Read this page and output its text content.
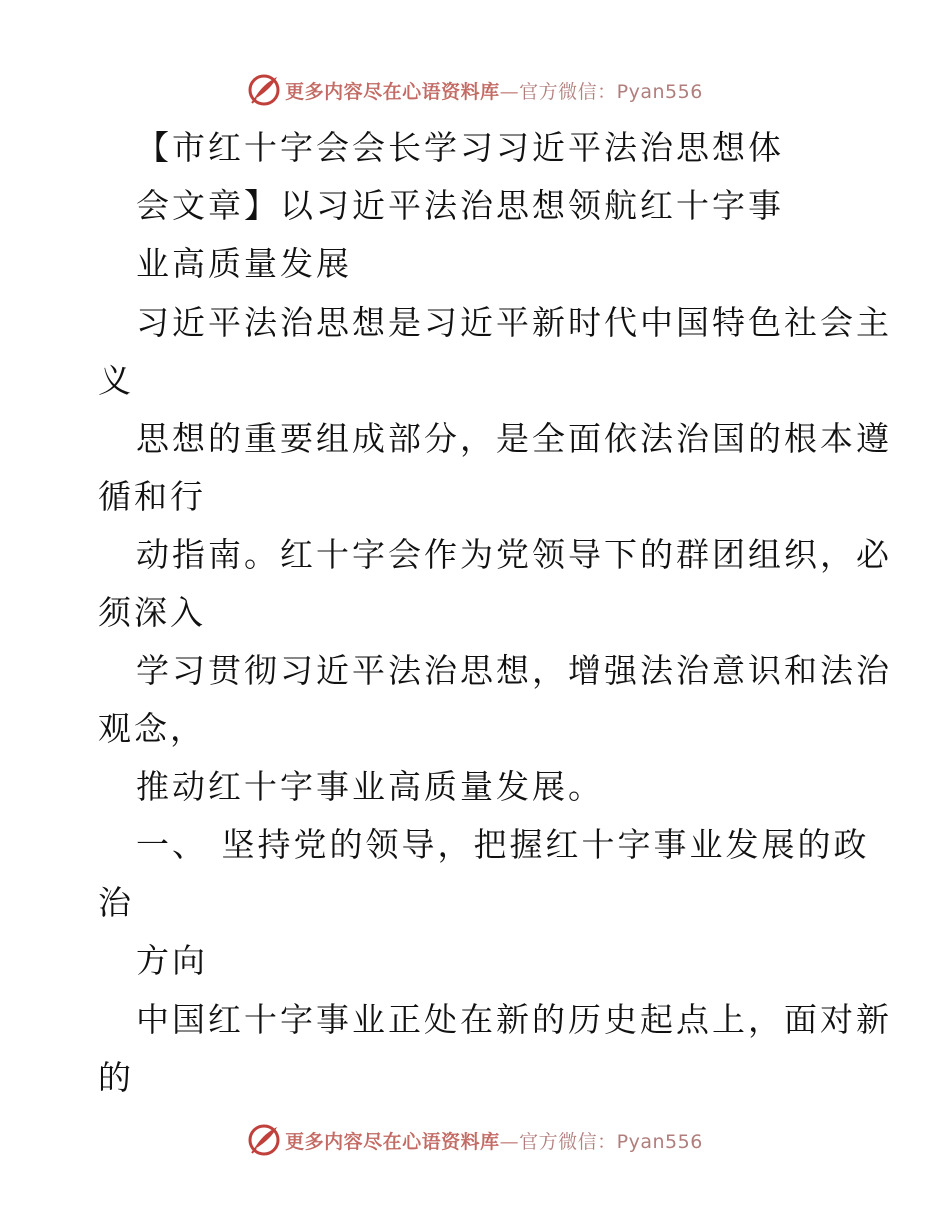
更多内容尽在心语资料库—官方微信：Pyan556
【市红十字会会长学习习近平法治思想体
会文章】以习近平法治思想领航红十字事
业高质量发展
习近平法治思想是习近平新时代中国特色社会主
义
思想的重要组成部分，是全面依法治国的根本遵
循和行
动指南。红十字会作为党领导下的群团组织，必
须深入
学习贯彻习近平法治思想，增强法治意识和法治
观念，
推动红十字事业高质量发展。
一、 坚持党的领导，把握红十字事业发展的政
治
方向
中国红十字事业正处在新的历史起点上，面对新
的
更多内容尽在心语资料库—官方微信：Pyan556
